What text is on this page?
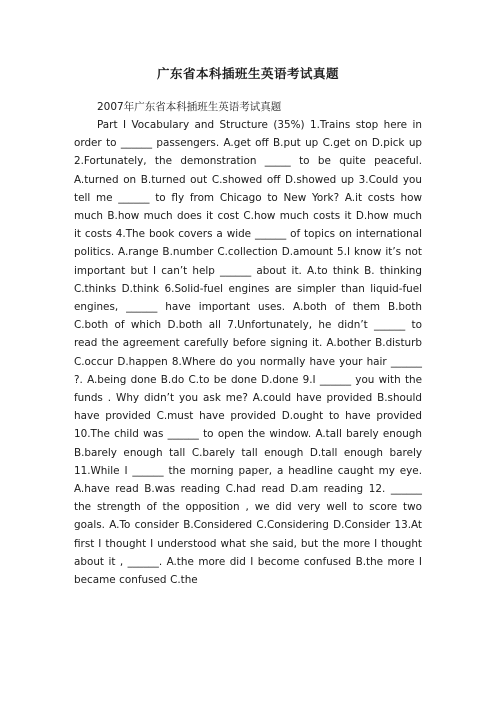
广东省本科插班生英语考试真题

2007年广东省本科插班生英语考试真题

Part I Vocabulary and Structure (35%) 1.Trains stop here in order to ______ passengers. A.get off B.put up C.get on D.pick up 2.Fortunately, the demonstration _____ to be quite peaceful. A.turned on B.turned out C.showed off D.showed up 3.Could you tell me ______ to fly from Chicago to New York? A.it costs how much B.how much does it cost C.how much costs it D.how much it costs 4.The book covers a wide ______ of topics on international politics. A.range B.number C.collection D.amount 5.I know it’s not important but I can’t help ______ about it. A.to think B. thinking C.thinks D.think 6.Solid-fuel engines are simpler than liquid-fuel engines, ______ have important uses. A.both of them B.both C.both of which D.both all 7.Unfortunately, he didn’t ______ to read the agreement carefully before signing it. A.bother B.disturb C.occur D.happen 8.Where do you normally have your hair ______ ?. A.being done B.do C.to be done D.done 9.I ______ you with the funds . Why didn’t you ask me? A.could have provided B.should have provided C.must have provided D.ought to have provided 10.The child was ______ to open the window. A.tall barely enough B.barely enough tall C.barely tall enough D.tall enough barely 11.While I ______ the morning paper, a headline caught my eye. A.have read B.was reading C.had read D.am reading 12. ______ the strength of the opposition , we did very well to score two goals. A.To consider B.Considered C.Considering D.Consider 13.At first I thought I understood what she said, but the more I thought about it , ______. A.the more did I become confused B.the more I became confused C.the
